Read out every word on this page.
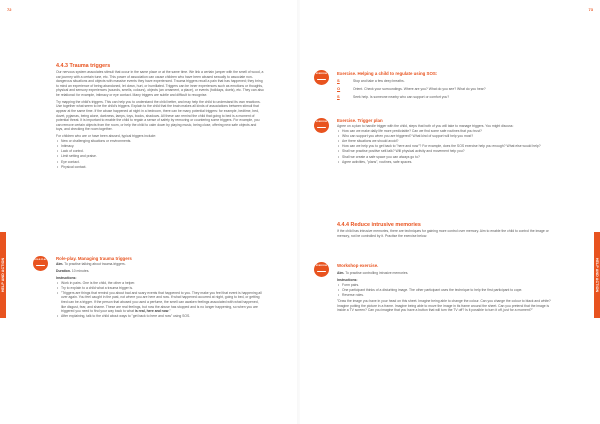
72
HELP AND ACTION
4.4.3 Trauma triggers

Our nervous system associates stimuli that occur in the same place or at the same time. We link a certain jumper with the smell of wood, a car journey with a certain tune, etc. This power of association can cause children who have been abused sexually to associate non-dangerous situations and objects with massive events they have experienced. Trauma triggers recall a pain that has happened; they bring to mind an experience of being abandoned, let down, hurt, or humiliated. Triggers can be inner experiences such as emotions or thoughts, physical and sensory experiences (sounds, smells, colours), objects (an ornament, a place), or events (holidays, duels), etc. They can also be relational: for example, intimacy or eye contact. Many triggers are subtle and difficult to recognise.

Try mapping the child's triggers. This can help you to understand the child better, and may help the child to understand its own reactions. Use together what seem to be the child's triggers. Explain to the child that the brain makes all kinds of associations between stimuli that appear at the same time. If the abuse happened at night in a bedroom, there can be many potential triggers: for example, bedtime, bed, duvet, pyjamas, being alone, darkness, lamps, toys, books, shadows. All these can remind the child that going to bed is a moment of potential threat. It is important to enable the child to regain a sense of safety by removing or countering some triggers. For example, you can remove certain objects from the room, or help the child to calm down by playing music, being close, offering new safe objects and toys, and checking the room together.

For children who are or have been abused, typical triggers include:

• New or challenging situations or environments.
• Intimacy.
• Lack of control.
• Limit setting and praise.
• Eye contact.
• Physical contact.
ROLE-PLAY Role-play. Managing trauma triggers

Aim. To practise talking about trauma-triggers.

Duration. 10 minutes.

Instructions:

• Work in pairs. One is the child, the other a helper.
• Try to explain to a child what a trauma trigger is.
• "Triggers are things that remind you about bad and scary events that happened to you. They make you feel that event is happening all over again. You feel caught in the past, not where you are here and now. If what happened occurred at night, going to bed, or getting tired can be a trigger. If the person that abused you used a perfume, the smell can awaken feelings associated with what happened, like disgust, fear, and shame. These are real feelings, but now the abuse has stopped and is no longer happening, so when you are triggered you need to find your way back to what is real, here and now."
• After explaining, talk to the child about ways to "get back to here and now" using SOS.
73
HELP AND ACTION
EXERCISE	Exercise. Helping a child to regulate using SOS:
S	Stop and take a few deep breaths.
O	Orient. Check your surroundings. Where are you? What do you see? What do you hear?
S	Seek help. Is someone nearby who can support or comfort you?
EXERCISE	Exercise. Trigger plan

Agree on a plan to handle trigger with the child, steps that both of you will take to manage triggers. You might discuss:

• How can we make daily life more predictable? Can we find some safe routines that you trust?
• Who can support you when you are triggered? What kind of support will help you most?
• Are there situations we should avoid?
• How can we help you to get back to "here and now"? For example, does the SOS exercise help you enough? What else would help?
• Shall we practise positive self-talk? Will physical activity and movement help you?
• Shall we create a safe space you can always go to?
• Agree activities, "plans", routines, safe spaces.
4.4.4 Reduce intrusive memories

If the child has intrusive memories, there are techniques for gaining more control over memory. Aim to enable the child to control the image or memory, not be controlled by it. Practise the exercise below.

EXERCISE	Workshop exercise.

Aim. To practise controlling intrusive memories.

Instructions:

• Form pairs.
• One participant thinks of a disturbing image. The other participant uses the technique to help the first participant to cope.
• Reverse roles.

"Draw the image you have in your head on this sheet. Imagine being able to change the colour. Can you change the colour to black and white? Imagine putting the picture in a frame. Imagine being able to move the image in its frame around the sheet. Can you pretend that the image is inside a TV screen? Can you imagine that you have a button that will turn the TV off? Is it possible to turn it off, just for a moment?"
